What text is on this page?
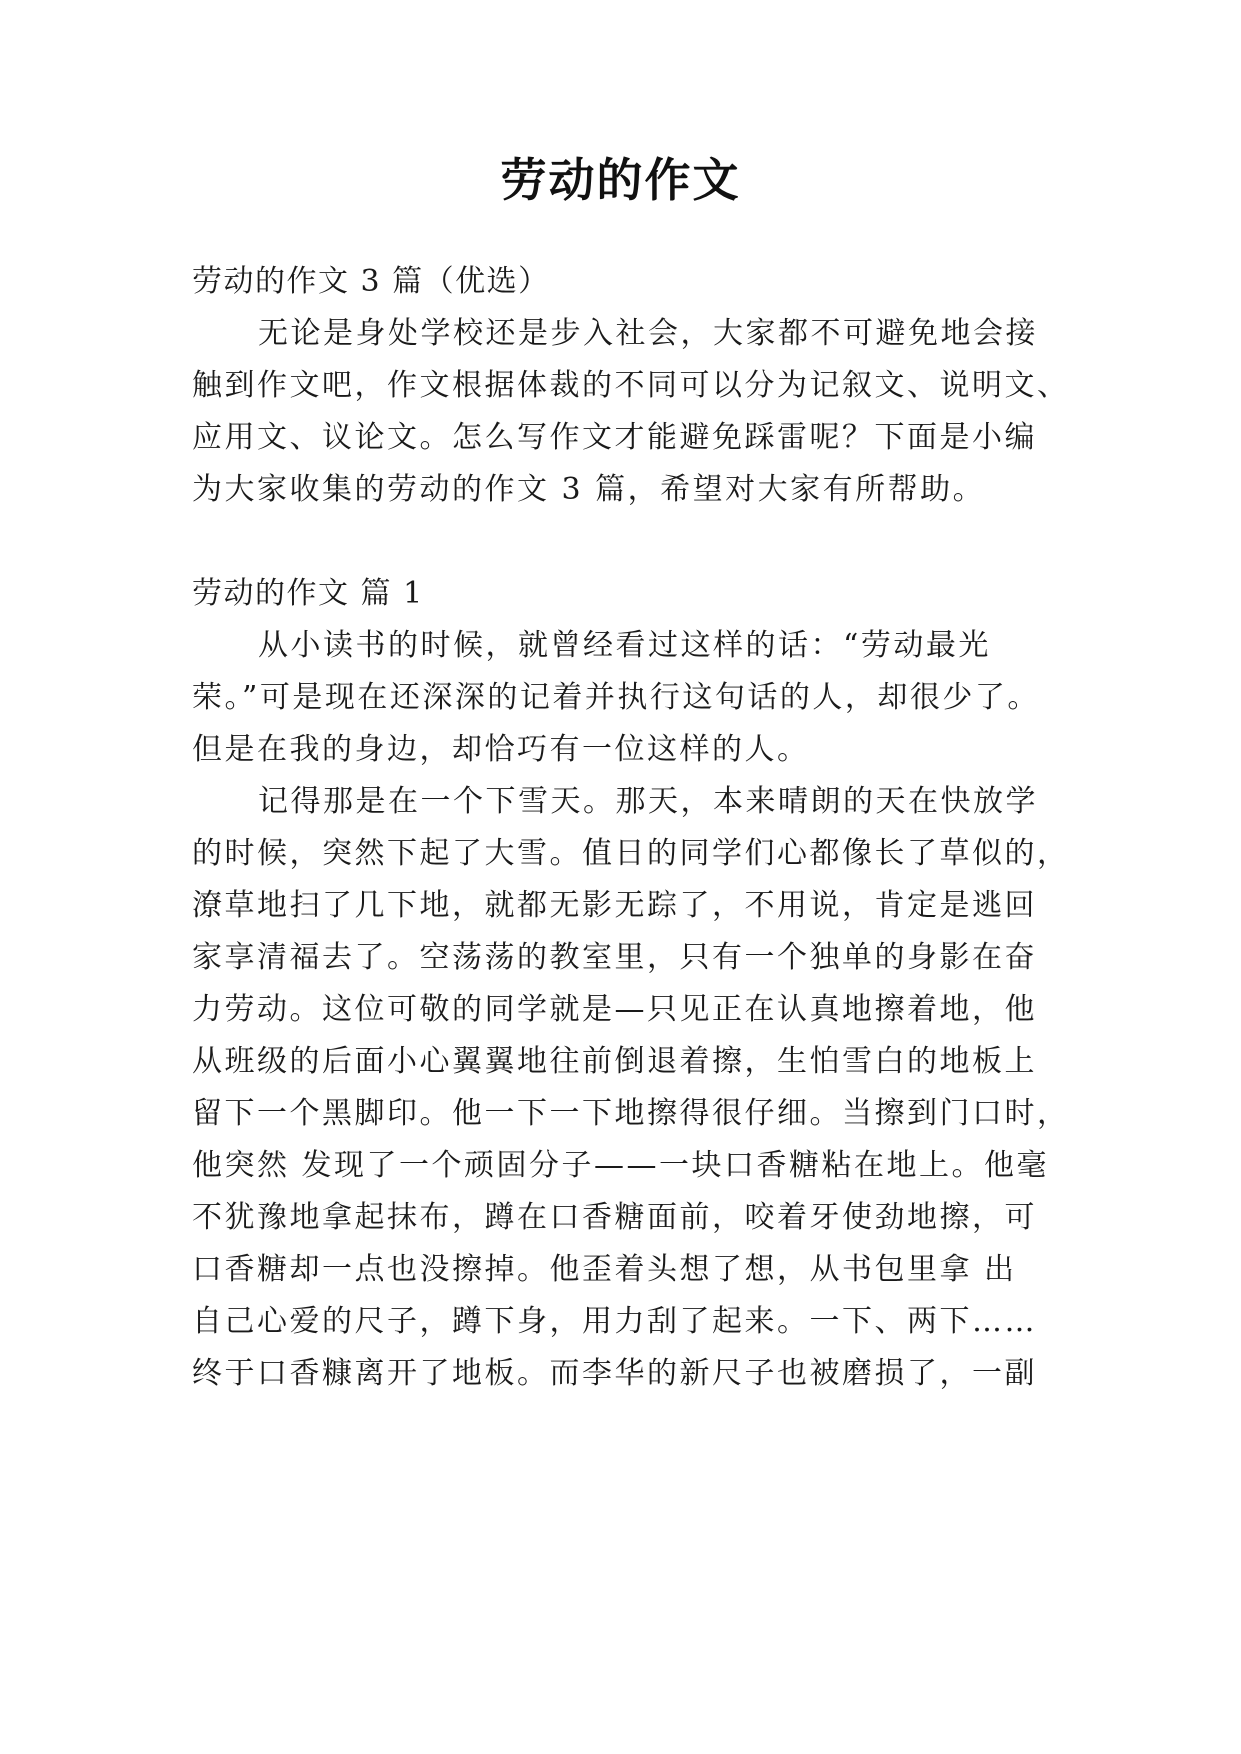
劳动的作文
劳动的作文 3 篇（优选）
无论是身处学校还是步入社会，大家都不可避免地会接
触到作文吧，作文根据体裁的不同可以分为记叙文、说明文、
应用文、议论文。怎么写作文才能避免踩雷呢？下面是小编
为大家收集的劳动的作文 3 篇，希望对大家有所帮助。
劳动的作文 篇 1
从小读书的时候，就曾经看过这样的话：“劳动最光
荣。”可是现在还深深的记着并执行这句话的人，却很少了。
但是在我的身边，却恰巧有一位这样的人。
记得那是在一个下雪天。那天，本来晴朗的天在快放学
的时候，突然下起了大雪。值日的同学们心都像长了草似的，
潦草地扫了几下地，就都无影无踪了，不用说，肯定是逃回
家享清福去了。空荡荡的教室里，只有一个独单的身影在奋
力劳动。这位可敬的同学就是—只见正在认真地擦着地，他
从班级的后面小心翼翼地往前倒退着擦，生怕雪白的地板上
留下一个黑脚印。他一下一下地擦得很仔细。当擦到门口时，
他突然 发现了一个顽固分子——一块口香糖粘在地上。他毫
不犹豫地拿起抹布，蹲在口香糖面前，咬着牙使劲地擦，可
口香糖却一点也没擦掉。他歪着头想了想，从书包里拿 出
自己心爱的尺子，蹲下身，用力刮了起来。一下、两下……
终于口香糠离开了地板。而李华的新尺子也被磨损了，一副
